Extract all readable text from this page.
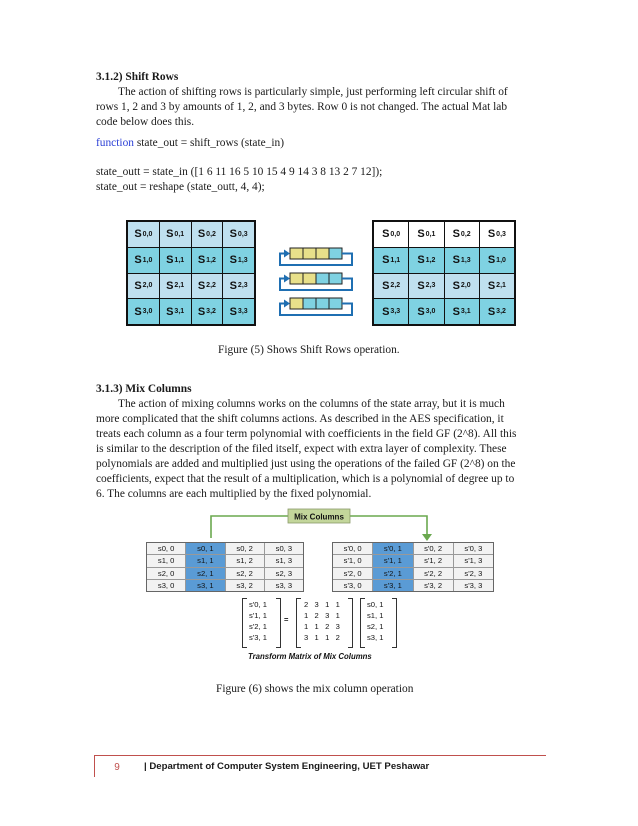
3.1.2) Shift Rows
The action of shifting rows is particularly simple, just performing left circular shift of
rows 1, 2 and 3 by amounts of 1, 2, and 3 bytes. Row 0 is not changed. The actual Mat lab
code below does this.
function state_out = shift_rows (state_in)
state_outt = state_in ([1 6 11 16 5 10 15 4 9 14 3 8 13 2 7 12]);
state_out = reshape (state_outt, 4, 4);
S 0,0 S 0,1 S 0,2 S 0,3
S 1,0 S 1,1 S 1,2 S 1,3
S 2,0 S 2,1 S 2,2 S 2,3
S 3,0 S 3,1 S 3,2 S 3,3
S 0,0 S 0,1 S 0,2 S 0,3
S 1,1 S 1,2 S 1,3 S 1,0
S 2,2 S 2,3 S 2,0 S 2,1
S 3,3 S 3,0 S 3,1 S 3,2
Figure (5) Shows Shift Rows operation.
3.1.3) Mix Columns
The action of mixing columns works on the columns of the state array, but it is much
more complicated that the shift columns actions. As described in the AES specification, it
treats each column as a four term polynomial with coefficients in the field GF (2^8). All this
is similar to the description of the filed itself, expect with extra layer of complexity. These
polynomials are added and multiplied just using the operations of the failed GF (2^8) on the
coefficients, expect that the result of a multiplication, which is a polynomial of degree up to
6. The columns are each multiplied by the fixed polynomial.
Mix Columns
s0, 0	s0, 1	s0, 2	s0, 3
s1, 0	s1, 1	s1, 2	s1, 3
s2, 0	s2, 1	s2, 2	s2, 3
s3, 0	s3, 1	s3, 2	s3, 3
s'0, 0	s'0, 1	s'0, 2	s'0, 3
s'1, 0	s'1, 1	s'1, 2	s'1, 3
s'2, 0	s'2, 1	s'2, 2	s'2, 3
s'3, 0	s'3, 1	s'3, 2	s'3, 3
s'0, 1
s'1, 1
s'2, 1
s'3, 1
=
2   3   1   1
1   2   3   1
1   1   2   3
3   1   1   2
s0, 1
s1, 1
s2, 1
s3, 1
Transform Matrix of Mix Columns
Figure (6) shows the mix column operation
9	| Department of Computer System Engineering, UET Peshawar
